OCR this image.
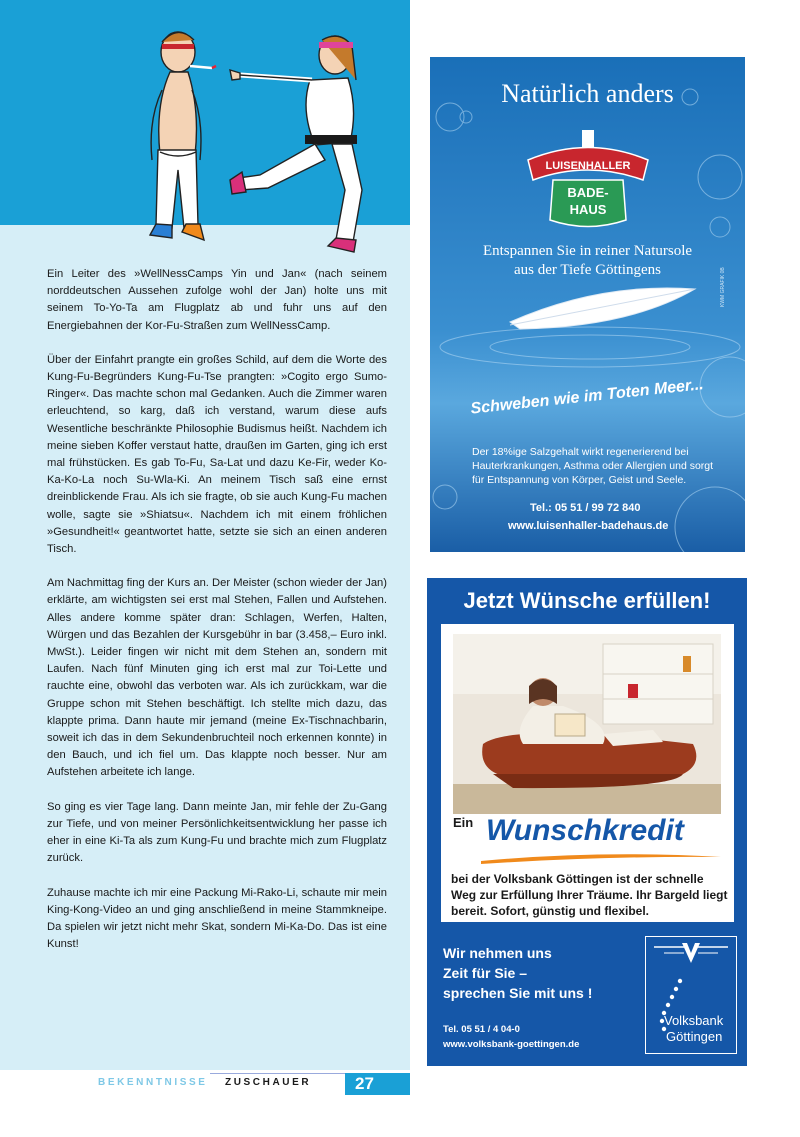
Ein Leiter des »WellNessCamps Yin und Jan« (nach seinem norddeutschen Aussehen zufolge wohl der Jan) holte uns mit seinem To-Yo-Ta am Flugplatz ab und fuhr uns auf den Energiebahnen der Kor-Fu-Straßen zum WellNessCamp.

Über der Einfahrt prangte ein großes Schild, auf dem die Worte des Kung-Fu-Begründers Kung-Fu-Tse prangten: »Cogito ergo Sumo-Ringer«. Das machte schon mal Gedanken. Auch die Zimmer waren erleuchtend, so karg, daß ich verstand, warum diese aufs Wesentliche beschränkte Philosophie Budismus heißt. Nachdem ich meine sieben Koffer verstaut hatte, draußen im Garten, ging ich erst mal frühstücken. Es gab To-Fu, Sa-Lat und dazu Ke-Fir, weder Ko-Ka-Ko-La noch Su-Wla-Ki. An meinem Tisch saß eine ernst dreinblickende Frau. Als ich sie fragte, ob sie auch Kung-Fu machen wolle, sagte sie »Shiatsu«. Nachdem ich mit einem fröhlichen »Gesundheit!« geantwortet hatte, setzte sie sich an einen anderen Tisch.

Am Nachmittag fing der Kurs an. Der Meister (schon wieder der Jan) erklärte, am wichtigsten sei erst mal Stehen, Fallen und Aufstehen. Alles andere komme später dran: Schlagen, Werfen, Halten, Würgen und das Bezahlen der Kursgebühr in bar (3.458,– Euro inkl. MwSt.). Leider fingen wir nicht mit dem Stehen an, sondern mit Laufen. Nach fünf Minuten ging ich erst mal zur Toi-Lette und rauchte eine, obwohl das verboten war. Als ich zurückkam, war die Gruppe schon mit Stehen beschäftigt. Ich stellte mich dazu, das klappte prima. Dann haute mir jemand (meine Ex-Tischnachbarin, soweit ich das in dem Sekundenbruchteil noch erkennen konnte) in den Bauch, und ich fiel um. Das klappte noch besser. Nur am Aufstehen arbeitete ich lange.

So ging es vier Tage lang. Dann meinte Jan, mir fehle der Zu-Gang zur Tiefe, und von meiner Persönlichkeitsentwicklung her passe ich eher in eine Ki-Ta als zum Kung-Fu und brachte mich zum Flugplatz zurück.

Zuhause machte ich mir eine Packung Mi-Rako-Li, schaute mir mein King-Kong-Video an und ging anschließend in meine Stammkneipe. Da spielen wir jetzt nicht mehr Skat, sondern Mi-Ka-Do. Das ist eine Kunst!

BEKENNTNISSE ZUSCHAUER	27
Natürlich anders
LUISENHALLER
BADE-
HAUS
Entspannen Sie in reiner Natursole
aus der Tiefe Göttingens	KWM GRAFIK 0B
Schweben wie im Toten Meer...
Der 18%ige Salzgehalt wirkt regenerierend bei Hauterkrankungen, Asthma oder Allergien und sorgt für Entspannung von Körper, Geist und Seele.
Tel.: 05 51 / 99 72 840
www.luisenhaller-badehaus.de
Jetzt Wünsche erfüllen!
Ein Wunschkredit
bei der Volksbank Göttingen ist der schnelle Weg zur Erfüllung Ihrer Träume. Ihr Bargeld liegt bereit. Sofort, günstig und flexibel.
Wir nehmen uns
Zeit für Sie –
sprechen Sie mit uns !
Tel. 05 51 / 4 04-0
www.volksbank-goettingen.de
Volksbank
Göttingen
